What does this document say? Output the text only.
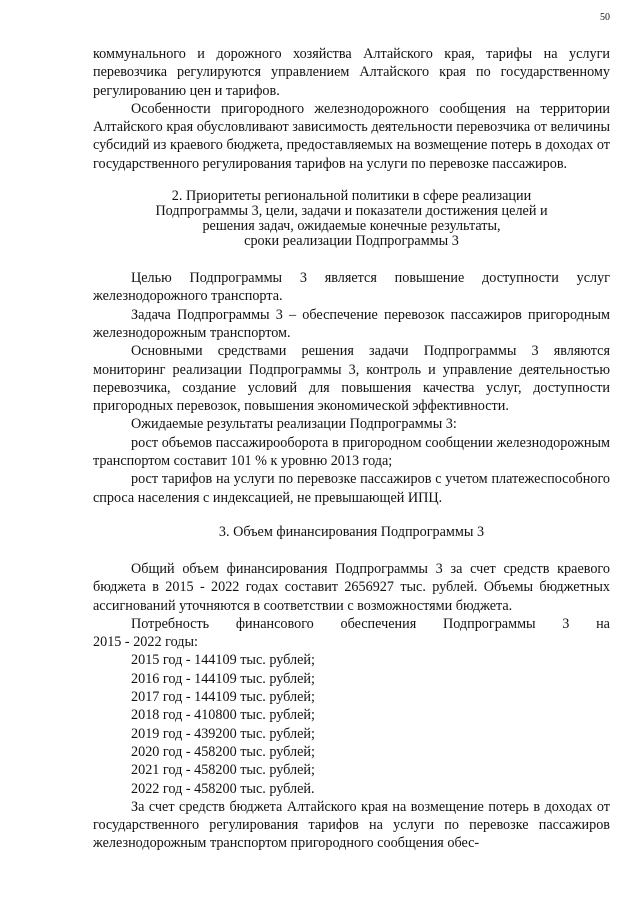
50

коммунального и дорожного хозяйства Алтайского края, тарифы на услуги перевозчика регулируются управлением Алтайского края по государственному регулированию цен и тарифов.

Особенности пригородного железнодорожного сообщения на территории Алтайского края обусловливают зависимость деятельности перевозчика от величины субсидий из краевого бюджета, предоставляемых на возмещение потерь в доходах от государственного регулирования тарифов на услуги по перевозке пассажиров.

2. Приоритеты региональной политики в сфере реализации
Подпрограммы 3, цели, задачи и показатели достижения целей и
решения задач, ожидаемые конечные результаты,
сроки реализации Подпрограммы 3

Целью Подпрограммы 3 является повышение доступности услуг железнодорожного транспорта.

Задача Подпрограммы 3 – обеспечение перевозок пассажиров пригородным железнодорожным транспортом.

Основными средствами решения задачи Подпрограммы 3 являются мониторинг реализации Подпрограммы 3, контроль и управление деятельностью перевозчика, создание условий для повышения качества услуг, доступности пригородных перевозок, повышения экономической эффективности.

Ожидаемые результаты реализации Подпрограммы 3:

рост объемов пассажирооборота в пригородном сообщении железнодорожным транспортом составит 101 % к уровню 2013 года;

рост тарифов на услуги по перевозке пассажиров с учетом платежеспособного спроса населения с индексацией, не превышающей ИПЦ.

3. Объем финансирования Подпрограммы 3

Общий объем финансирования Подпрограммы 3 за счет средств краевого бюджета в 2015 - 2022 годах составит 2656927 тыс. рублей. Объемы бюджетных ассигнований уточняются в соответствии с возможностями бюджета.

Потребность финансового обеспечения Подпрограммы 3 на
2015 - 2022 годы:
2015 год - 144109 тыс. рублей;
2016 год - 144109 тыс. рублей;
2017 год - 144109 тыс. рублей;
2018 год - 410800 тыс. рублей;
2019 год - 439200 тыс. рублей;
2020 год - 458200 тыс. рублей;
2021 год - 458200 тыс. рублей;
2022 год - 458200 тыс. рублей.

За счет средств бюджета Алтайского края на возмещение потерь в доходах от государственного регулирования тарифов на услуги по перевозке пассажиров железнодорожным транспортом пригородного сообщения обес-
